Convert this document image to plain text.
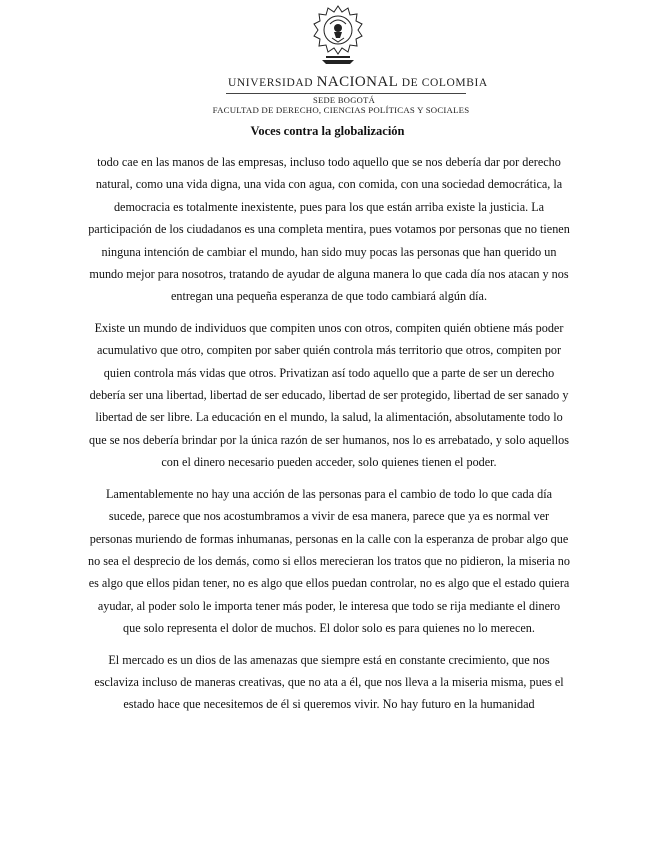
UNIVERSIDAD NACIONAL DE COLOMBIA
SEDE BOGOTÁ
FACULTAD DE DERECHO, CIENCIAS POLÍTICAS Y SOCIALES
Voces contra la globalización

todo cae en las manos de las empresas, incluso todo aquello que se nos debería dar por derecho natural, como una vida digna, una vida con agua, con comida, con una sociedad democrática, la democracia es totalmente inexistente, pues para los que están arriba existe la justicia. La participación de los ciudadanos es una completa mentira, pues votamos por personas que no tienen ninguna intención de cambiar el mundo, han sido muy pocas las personas que han querido un mundo mejor para nosotros, tratando de ayudar de alguna manera lo que cada día nos atacan y nos entregan una pequeña esperanza de que todo cambiará algún día.

Existe un mundo de individuos que compiten unos con otros, compiten quién obtiene más poder acumulativo que otro, compiten por saber quién controla más territorio que otros, compiten por quien controla más vidas que otros. Privatizan así todo aquello que a parte de ser un derecho debería ser una libertad, libertad de ser educado, libertad de ser protegido, libertad de ser sanado y libertad de ser libre. La educación en el mundo, la salud, la alimentación, absolutamente todo lo que se nos debería brindar por la única razón de ser humanos, nos lo es arrebatado, y solo aquellos con el dinero necesario pueden acceder, solo quienes tienen el poder.

Lamentablemente no hay una acción de las personas para el cambio de todo lo que cada día sucede, parece que nos acostumbramos a vivir de esa manera, parece que ya es normal ver personas muriendo de formas inhumanas, personas en la calle con la esperanza de probar algo que no sea el desprecio de los demás, como si ellos merecieran los tratos que no pidieron, la miseria no es algo que ellos pidan tener, no es algo que ellos puedan controlar, no es algo que el estado quiera ayudar, al poder solo le importa tener más poder, le interesa que todo se rija mediante el dinero que solo representa el dolor de muchos. El dolor solo es para quienes no lo merecen.

El mercado es un dios de las amenazas que siempre está en constante crecimiento, que nos esclaviza incluso de maneras creativas, que no ata a él, que nos lleva a la miseria misma, pues el estado hace que necesitemos de él si queremos vivir. No hay futuro en la humanidad
